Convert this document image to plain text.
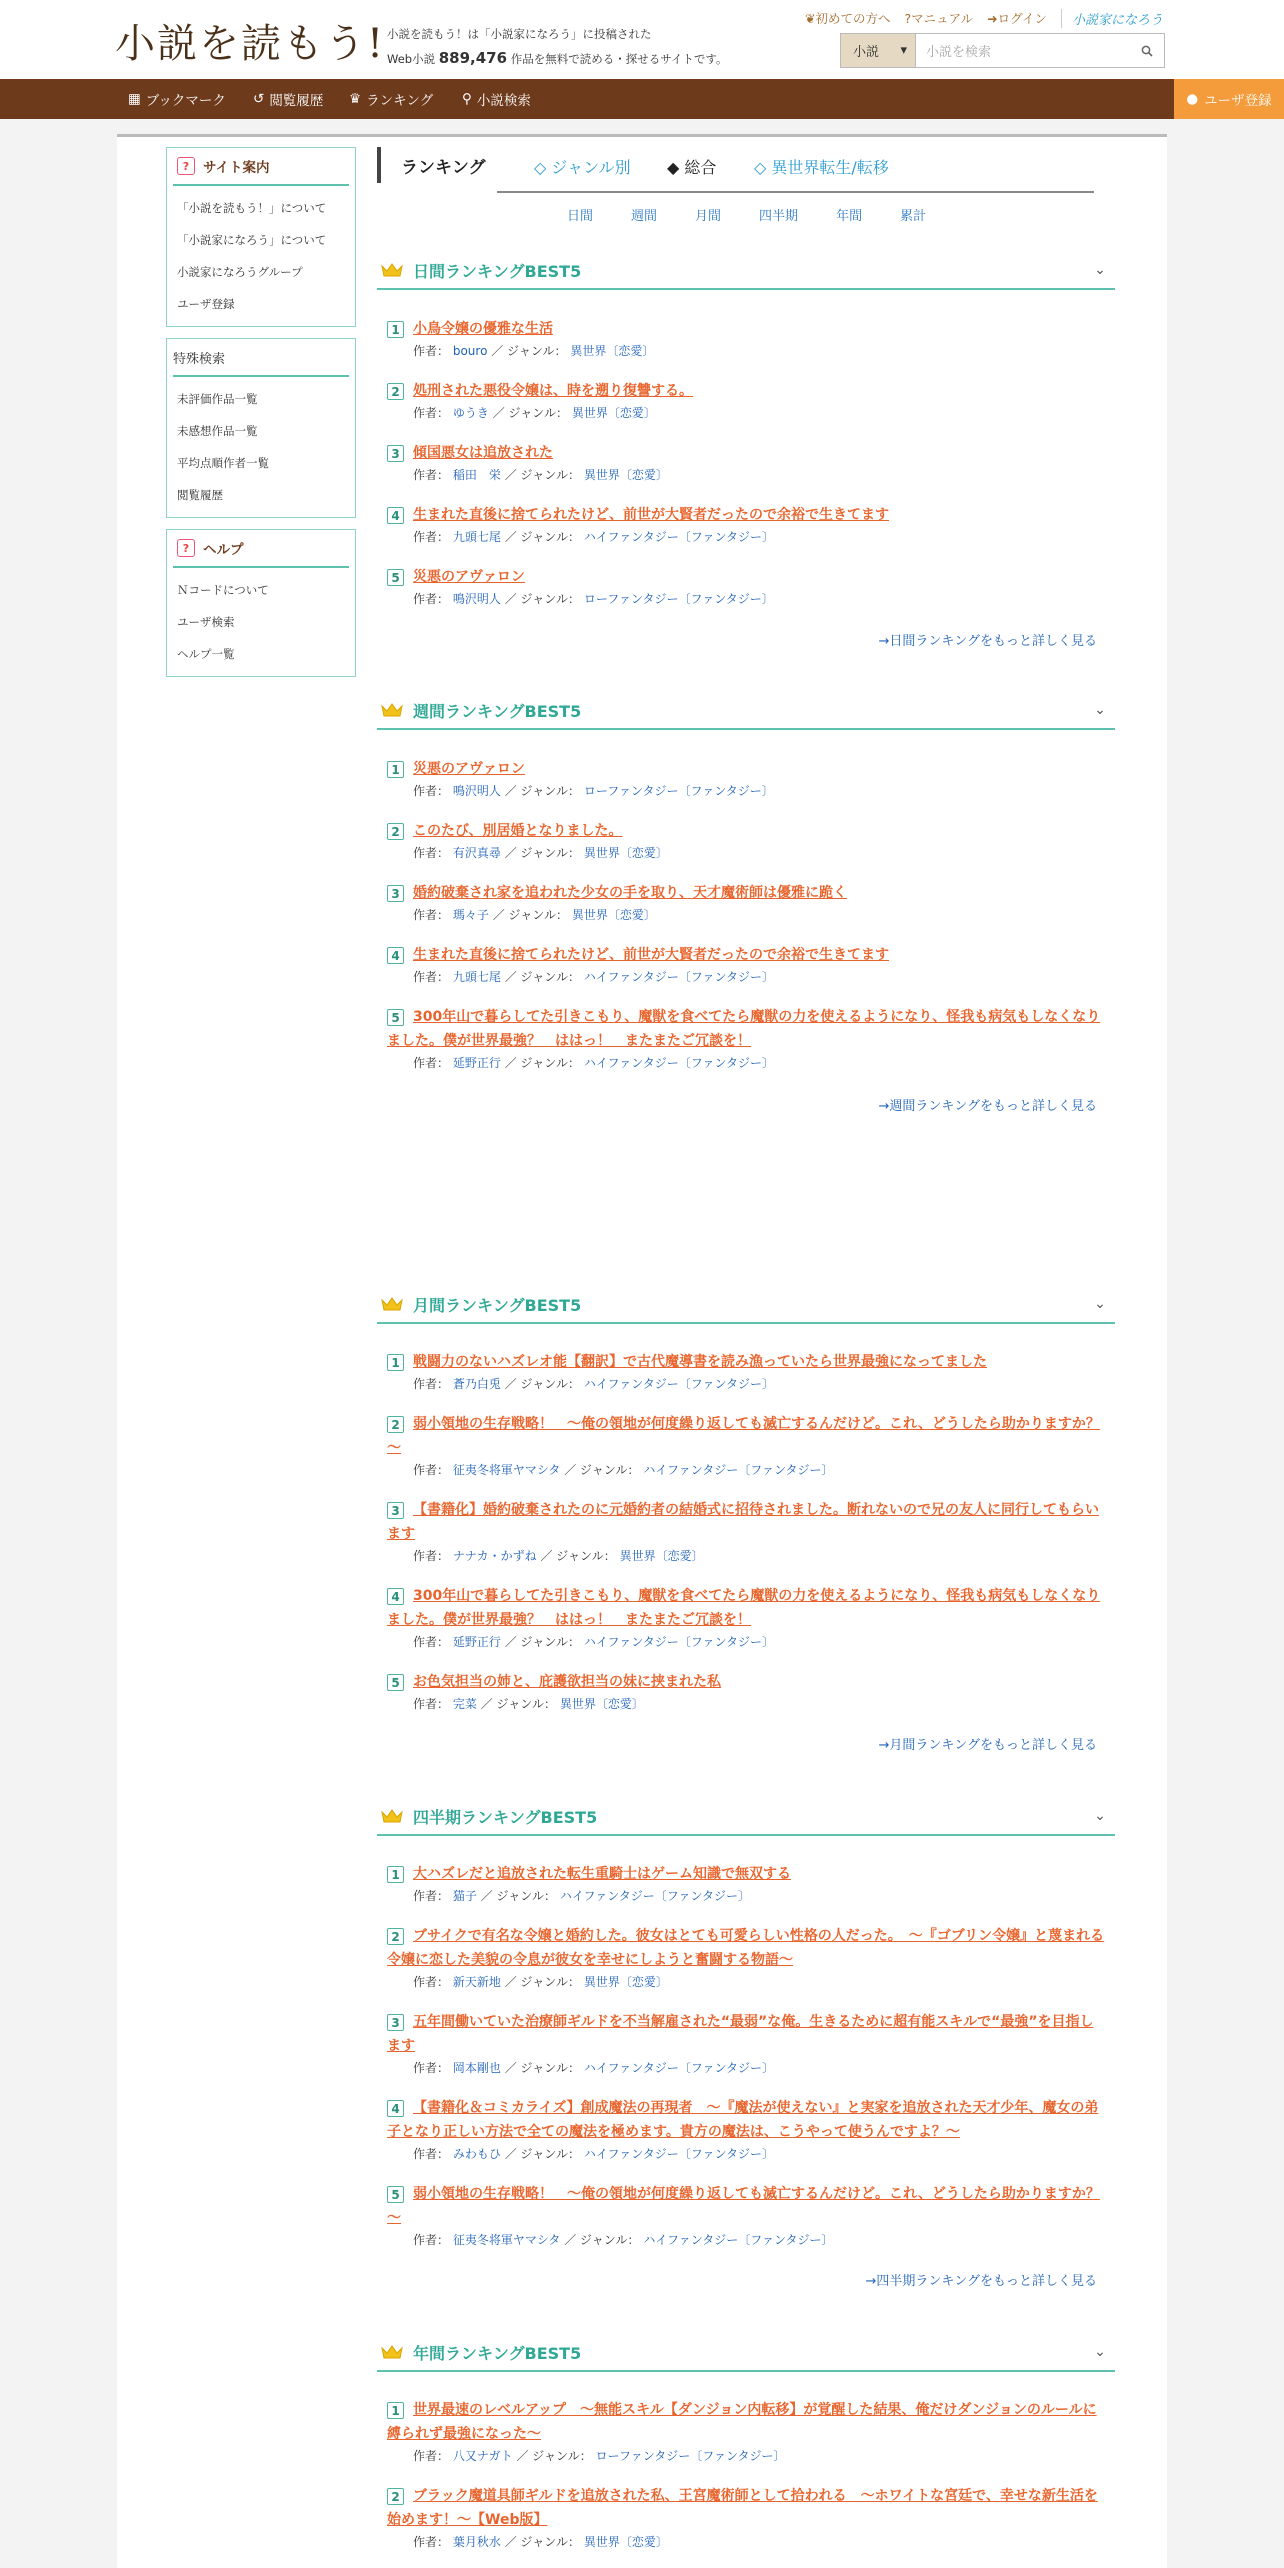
小説を読もう! 小説を読もう！は「小説家になろう」に投稿された
Web小説 889,476 作品を無料で読める・探せるサイトです。
❦初めての方へ ?マニュアル ➜ログイン	小説家になろう
小説 ▾	小説を検索
▦ ブックマーク ↺ 閲覧履歴 ♛ ランキング ⚲ 小説検索	● ユーザ登録
?	サイト案内
「小説を読もう！」について
「小説家になろう」について
小説家になろうグループ
ユーザ登録
特殊検索
未評価作品一覧
未感想作品一覧
平均点順作者一覧
閲覧履歴
?	ヘルプ
Ｎコードについて
ユーザ検索
ヘルプ一覧
ランキング	◇ ジャンル別 ◆ 総合 ◇ 異世界転生/転移
日間	週間	月間	四半期	年間	累計
日間ランキングBEST5	⌄
1 小鳥令嬢の優雅な生活
作者： bouro ／ ジャンル： 異世界〔恋愛〕
2 処刑された悪役令嬢は、時を遡り復讐する。
作者： ゆうき ／ ジャンル： 異世界〔恋愛〕
3 傾国悪女は追放された
作者： 稲田　栄 ／ ジャンル： 異世界〔恋愛〕
4 生まれた直後に捨てられたけど、前世が大賢者だったので余裕で生きてます
作者： 九頭七尾 ／ ジャンル： ハイファンタジー〔ファンタジー〕
5 災悪のアヴァロン
作者： 鳴沢明人 ／ ジャンル： ローファンタジー〔ファンタジー〕
→日間ランキングをもっと詳しく見る
週間ランキングBEST5	⌄
1 災悪のアヴァロン
作者： 鳴沢明人 ／ ジャンル： ローファンタジー〔ファンタジー〕
2 このたび、別居婚となりました。
作者： 有沢真尋 ／ ジャンル： 異世界〔恋愛〕
3 婚約破棄され家を追われた少女の手を取り、天才魔術師は優雅に跪く
作者： 瑪々子 ／ ジャンル： 異世界〔恋愛〕
4 生まれた直後に捨てられたけど、前世が大賢者だったので余裕で生きてます
作者： 九頭七尾 ／ ジャンル： ハイファンタジー〔ファンタジー〕
5 300年山で暮らしてた引きこもり、魔獣を食べてたら魔獣の力を使えるようになり、怪我も病気もしなくなりました。僕が世界最強？　ははっ！　またまたご冗談を！
作者： 延野正行 ／ ジャンル： ハイファンタジー〔ファンタジー〕
→週間ランキングをもっと詳しく見る
月間ランキングBEST5	⌄
1 戦闘力のないハズレオ能【翻訳】で古代魔導書を読み漁っていたら世界最強になってました
作者： 蒼乃白兎 ／ ジャンル： ハイファンタジー〔ファンタジー〕
2 弱小領地の生存戦略！　～俺の領地が何度繰り返しても滅亡するんだけど。これ、どうしたら助かりますか？～
作者： 征夷冬将軍ヤマシタ ／ ジャンル： ハイファンタジー〔ファンタジー〕
3 【書籍化】婚約破棄されたのに元婚約者の結婚式に招待されました。断れないので兄の友人に同行してもらいます
作者： ナナカ・かずね ／ ジャンル： 異世界〔恋愛〕
4 300年山で暮らしてた引きこもり、魔獣を食べてたら魔獣の力を使えるようになり、怪我も病気もしなくなりました。僕が世界最強？　ははっ！　またまたご冗談を！
作者： 延野正行 ／ ジャンル： ハイファンタジー〔ファンタジー〕
5 お色気担当の姉と、庇護欲担当の妹に挟まれた私
作者： 完菜 ／ ジャンル： 異世界〔恋愛〕
→月間ランキングをもっと詳しく見る
四半期ランキングBEST5	⌄
1 大ハズレだと追放された転生重騎士はゲーム知識で無双する
作者： 猫子 ／ ジャンル： ハイファンタジー〔ファンタジー〕
2 ブサイクで有名な令嬢と婚約した。彼女はとても可愛らしい性格の人だった。　～『ゴブリン令嬢』と蔑まれる令嬢に恋した美貌の令息が彼女を幸せにしようと奮闘する物語～
作者： 新天新地 ／ ジャンル： 異世界〔恋愛〕
3 五年間働いていた治療師ギルドを不当解雇された“最弱”な俺。生きるために超有能スキルで“最強”を目指します
作者： 岡本剛也 ／ ジャンル： ハイファンタジー〔ファンタジー〕
4 【書籍化＆コミカライズ】創成魔法の再現者　～『魔法が使えない』と実家を追放された天才少年、魔女の弟子となり正しい方法で全ての魔法を極めます。貴方の魔法は、こうやって使うんですよ？～
作者： みわもひ ／ ジャンル： ハイファンタジー〔ファンタジー〕
5 弱小領地の生存戦略！　～俺の領地が何度繰り返しても滅亡するんだけど。これ、どうしたら助かりますか？～
作者： 征夷冬将軍ヤマシタ ／ ジャンル： ハイファンタジー〔ファンタジー〕
→四半期ランキングをもっと詳しく見る
年間ランキングBEST5	⌄
1 世界最速のレベルアップ　～無能スキル【ダンジョン内転移】が覚醒した結果、俺だけダンジョンのルールに縛られず最強になった～
作者： 八又ナガト ／ ジャンル： ローファンタジー〔ファンタジー〕
2 ブラック魔道具師ギルドを追放された私、王宮魔術師として拾われる　～ホワイトな宮廷で、幸せな新生活を始めます！～【Web版】
作者： 葉月秋水 ／ ジャンル： 異世界〔恋愛〕
